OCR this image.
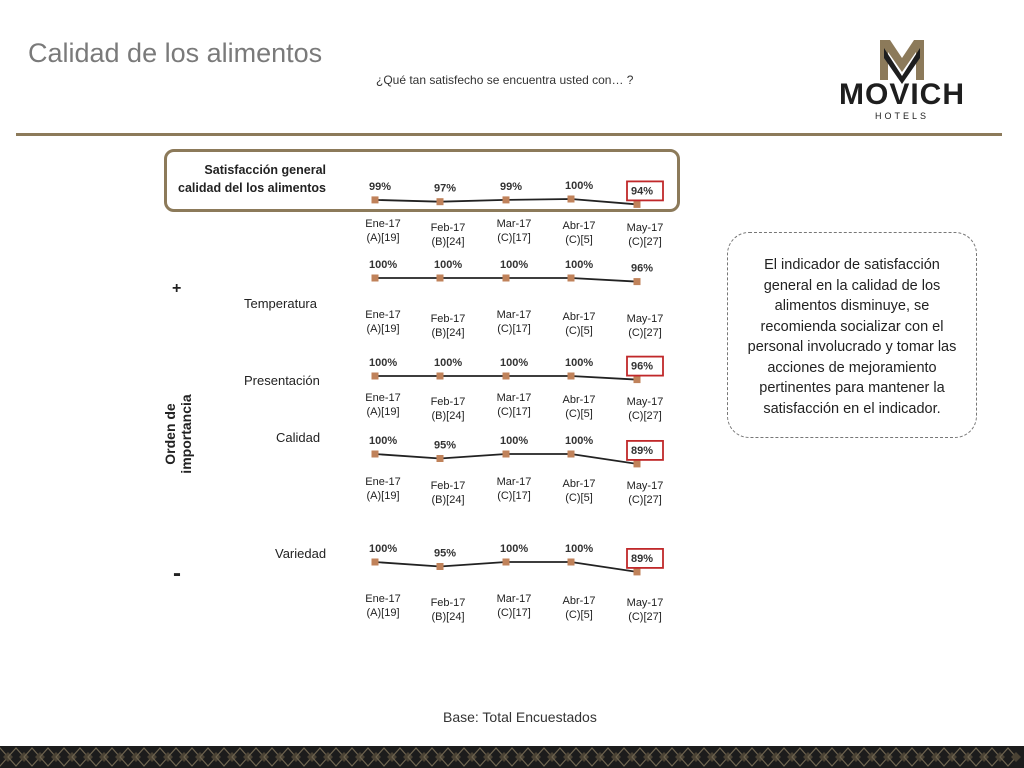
Calidad de los alimentos
¿Qué tan satisfecho se encuentra usted con… ?	MOVICH
HOTELS
Satisfacción general
calidad del los alimentos
Temperatura
Presentación
Calidad
Variedad
Orden de importancia
+
-
99%	97%	99%	100%	94%
100%	100%	100%	100%	96%
100%	100%	100%	100%	96%
100%	95%	100%	100%
89%
100%	95%	100%	100%
89%
Ene-17
(A)[19]
Feb-17
(B)[24]
Mar-17
(C)[17]
Abr-17
(C)[5]
May-17
(C)[27]
Ene-17
(A)[19]
Feb-17
(B)[24]
Mar-17
(C)[17]
Abr-17
(C)[5]
May-17
(C)[27]
Ene-17
(A)[19]
Feb-17
(B)[24]
Mar-17
(C)[17]
Abr-17
(C)[5]
May-17
(C)[27]
Ene-17
(A)[19]
Feb-17
(B)[24]
Mar-17
(C)[17]
Abr-17
(C)[5]
May-17
(C)[27]
Ene-17
(A)[19]
Feb-17
(B)[24]
Mar-17
(C)[17]
Abr-17
(C)[5]
May-17
(C)[27]
El indicador de satisfacción general en la calidad de los alimentos disminuye, se recomienda socializar con el personal involucrado y tomar las acciones de mejoramiento pertinentes para mantener la satisfacción en el indicador.
Base: Total Encuestados
